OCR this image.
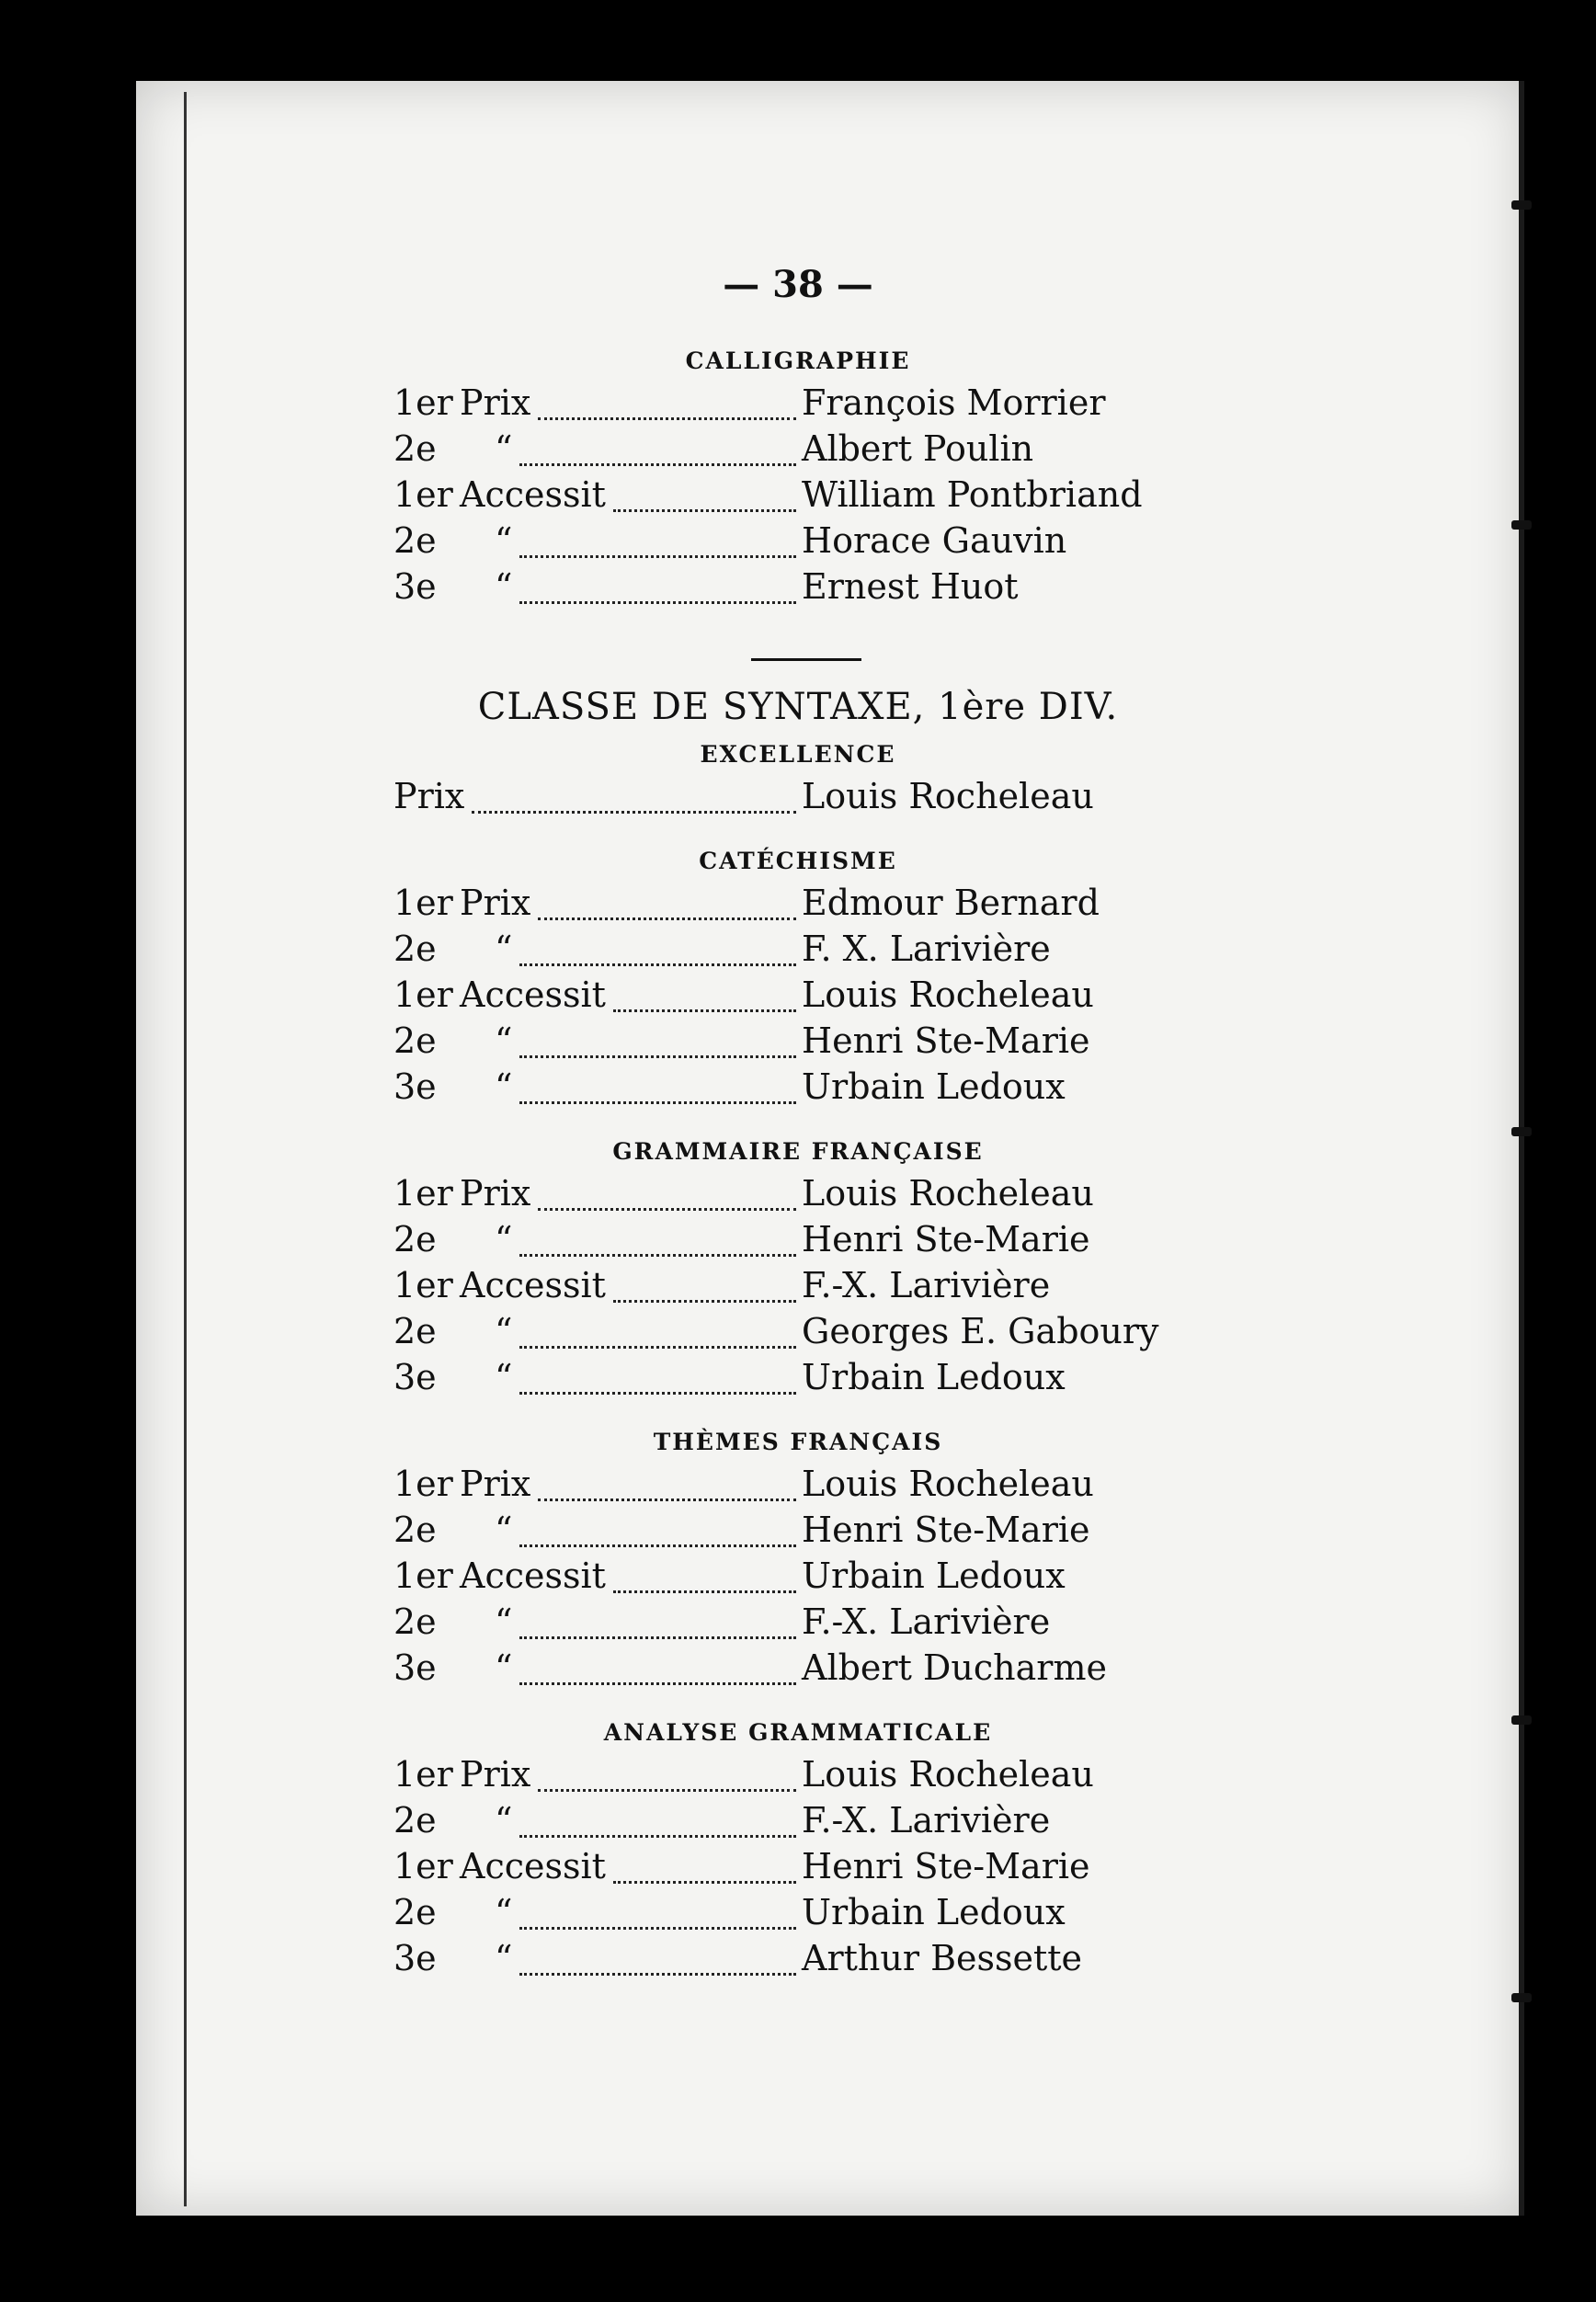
— 38 —
CALLIGRAPHIE
1er Prix	François Morrier
2e “	Albert Poulin
1er Accessit	William Pontbriand
2e “	Horace Gauvin
3e “	Ernest Huot
CLASSE DE SYNTAXE, 1ère DIV.
EXCELLENCE
Prix	Louis Rocheleau
CATÉCHISME
1er Prix	Edmour Bernard
2e “	F. X. Larivière
1er Accessit	Louis Rocheleau
2e “	Henri Ste-Marie
3e “	Urbain Ledoux
GRAMMAIRE FRANÇAISE
1er Prix	Louis Rocheleau
2e “	Henri Ste-Marie
1er Accessit	F.-X. Larivière
2e “	Georges E. Gaboury
3e “	Urbain Ledoux
THÈMES FRANÇAIS
1er Prix	Louis Rocheleau
2e “	Henri Ste-Marie
1er Accessit	Urbain Ledoux
2e “	F.-X. Larivière
3e “	Albert Ducharme
ANALYSE GRAMMATICALE
1er Prix	Louis Rocheleau
2e “	F.-X. Larivière
1er Accessit	Henri Ste-Marie
2e “	Urbain Ledoux
3e “	Arthur Bessette
